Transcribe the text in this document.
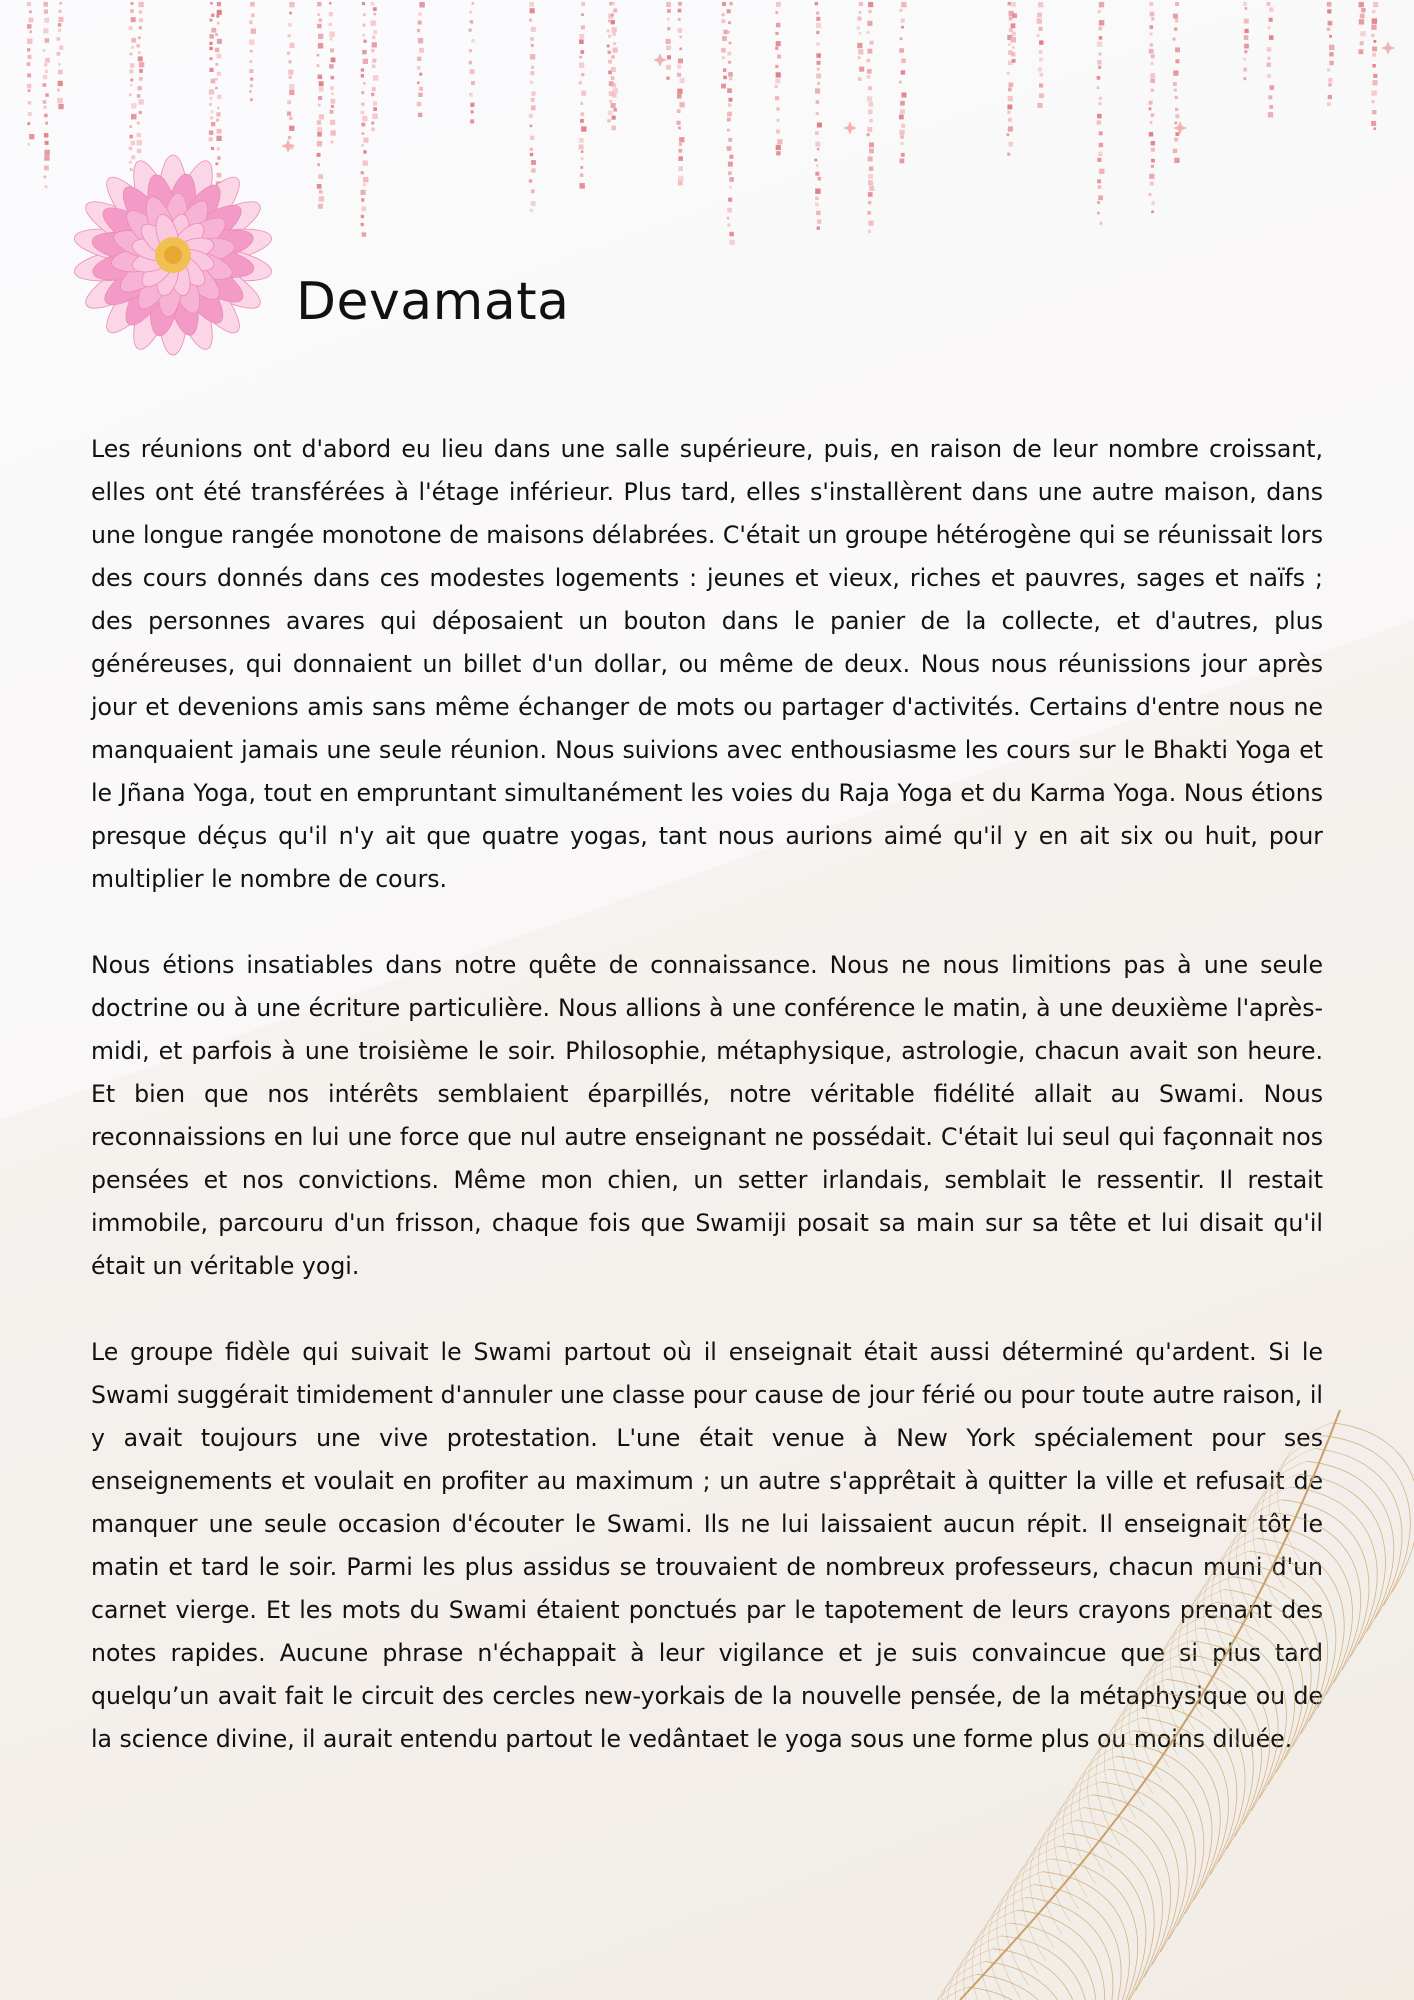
Devamata

Les réunions ont d'abord eu lieu dans une salle supérieure, puis, en raison de leur nombre croissant, elles ont été transférées à l'étage inférieur. Plus tard, elles s'installèrent dans une autre maison, dans une longue rangée monotone de maisons délabrées. C'était un groupe hétérogène qui se réunissait lors des cours donnés dans ces modestes logements : jeunes et vieux, riches et pauvres, sages et naïfs ; des personnes avares qui déposaient un bouton dans le panier de la collecte, et d'autres, plus généreuses, qui donnaient un billet d'un dollar, ou même de deux. Nous nous réunissions jour après jour et devenions amis sans même échanger de mots ou partager d'activités. Certains d'entre nous ne manquaient jamais une seule réunion. Nous suivions avec enthousiasme les cours sur le Bhakti Yoga et le Jñana Yoga, tout en empruntant simultanément les voies du Raja Yoga et du Karma Yoga. Nous étions presque déçus qu'il n'y ait que quatre yogas, tant nous aurions aimé qu'il y en ait six ou huit, pour multiplier le nombre de cours.

Nous étions insatiables dans notre quête de connaissance. Nous ne nous limitions pas à une seule doctrine ou à une écriture particulière. Nous allions à une conférence le matin, à une deuxième l'après-midi, et parfois à une troisième le soir. Philosophie, métaphysique, astrologie, chacun avait son heure. Et bien que nos intérêts semblaient éparpillés, notre véritable fidélité allait au Swami. Nous reconnaissions en lui une force que nul autre enseignant ne possédait. C'était lui seul qui façonnait nos pensées et nos convictions. Même mon chien, un setter irlandais, semblait le ressentir. Il restait immobile, parcouru d'un frisson, chaque fois que Swamiji posait sa main sur sa tête et lui disait qu'il était un véritable yogi.

Le groupe fidèle qui suivait le Swami partout où il enseignait était aussi déterminé qu'ardent. Si le Swami suggérait timidement d'annuler une classe pour cause de jour férié ou pour toute autre raison, il y avait toujours une vive protestation. L'une était venue à New York spécialement pour ses enseignements et voulait en profiter au maximum ; un autre s'apprêtait à quitter la ville et refusait de manquer une seule occasion d'écouter le Swami. Ils ne lui laissaient aucun répit. Il enseignait tôt le matin et tard le soir. Parmi les plus assidus se trouvaient de nombreux professeurs, chacun muni d'un carnet vierge. Et les mots du Swami étaient ponctués par le tapotement de leurs crayons prenant des notes rapides. Aucune phrase n'échappait à leur vigilance et je suis convaincue que si plus tard quelqu’un avait fait le circuit des cercles new-yorkais de la nouvelle pensée, de la métaphysique ou de la science divine, il aurait entendu partout le vedântaet le yoga sous une forme plus ou moins diluée.
